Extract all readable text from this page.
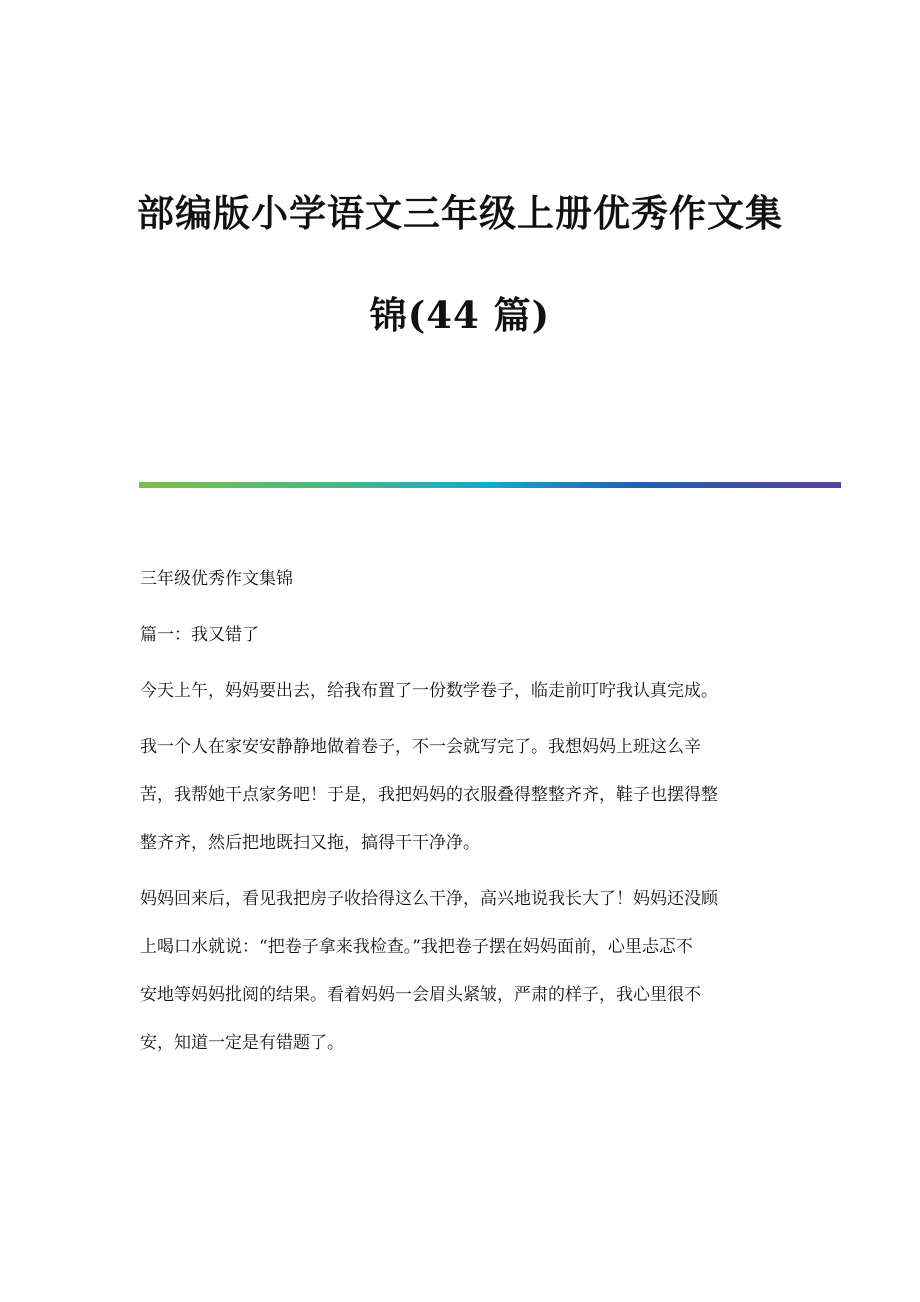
部编版小学语文三年级上册优秀作文集
锦(44 篇)

三年级优秀作文集锦

篇一：我又错了

今天上午，妈妈要出去，给我布置了一份数学卷子，临走前叮咛我认真完成。

我一个人在家安安静静地做着卷子，不一会就写完了。我想妈妈上班这么辛
苦，我帮她干点家务吧！于是，我把妈妈的衣服叠得整整齐齐，鞋子也摆得整
整齐齐，然后把地既扫又拖，搞得干干净净。

妈妈回来后，看见我把房子收拾得这么干净，高兴地说我长大了！妈妈还没顾
上喝口水就说：“把卷子拿来我检查。”我把卷子摆在妈妈面前，心里忐忑不
安地等妈妈批阅的结果。看着妈妈一会眉头紧皱，严肃的样子，我心里很不
安，知道一定是有错题了。
